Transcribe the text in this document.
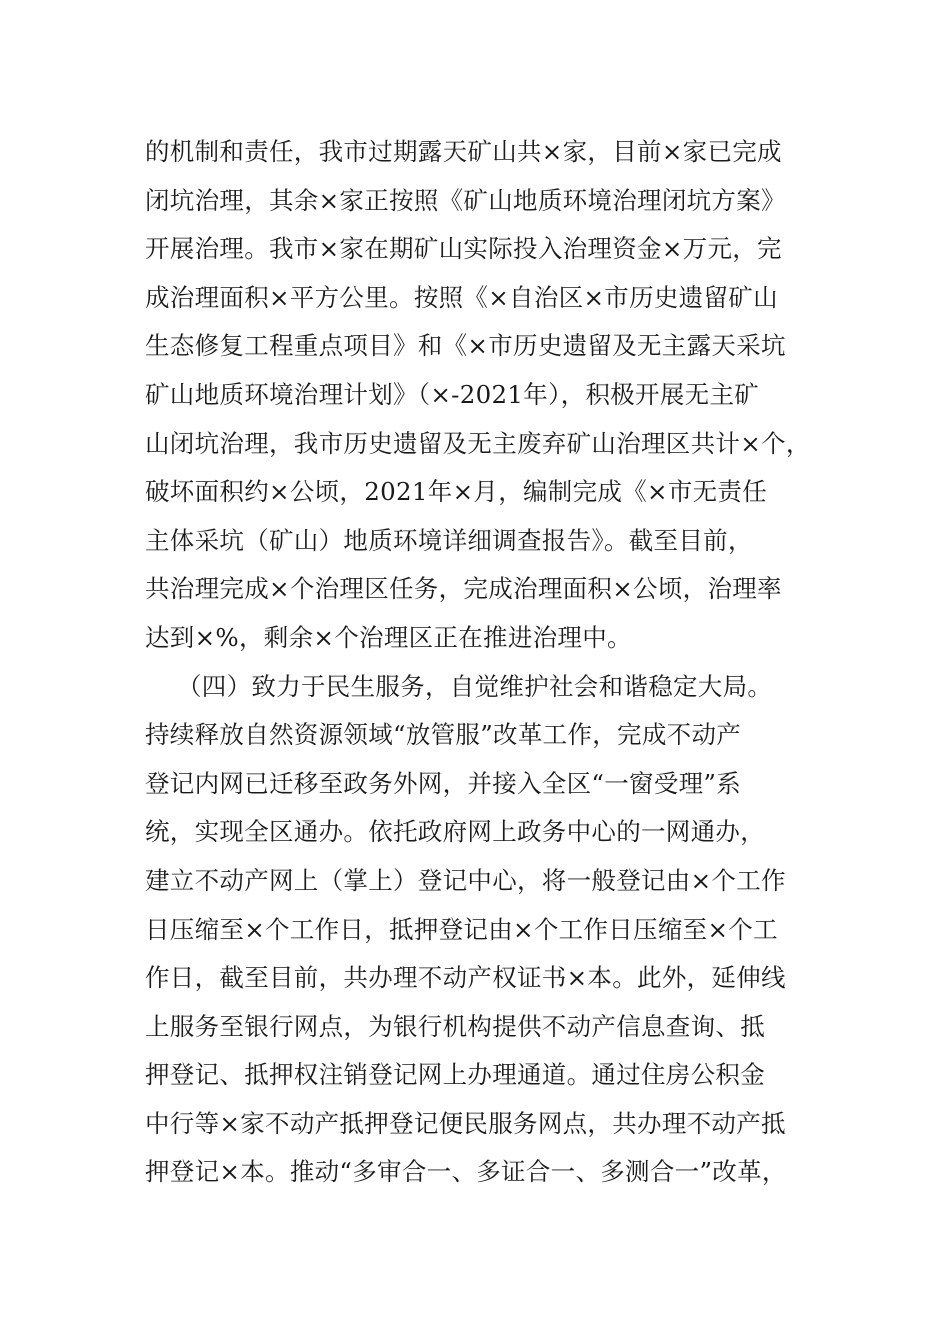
的机制和责任，我市过期露天矿山共×家，目前×家已完成
闭坑治理，其余×家正按照《矿山地质环境治理闭坑方案》
开展治理。我市×家在期矿山实际投入治理资金×万元，完
成治理面积×平方公里。按照《×自治区×市历史遗留矿山
生态修复工程重点项目》和《×市历史遗留及无主露天采坑
矿山地质环境治理计划》（×-2021年），积极开展无主矿
山闭坑治理，我市历史遗留及无主废弃矿山治理区共计×个，
破坏面积约×公顷，2021年×月，编制完成《×市无责任
主体采坑（矿山）地质环境详细调查报告》。截至目前，
共治理完成×个治理区任务，完成治理面积×公顷，治理率
达到×%，剩余×个治理区正在推进治理中。
（四）致力于民生服务，自觉维护社会和谐稳定大局。
持续释放自然资源领域“放管服”改革工作，完成不动产
登记内网已迁移至政务外网，并接入全区“一窗受理”系
统，实现全区通办。依托政府网上政务中心的一网通办，
建立不动产网上（掌上）登记中心，将一般登记由×个工作
日压缩至×个工作日，抵押登记由×个工作日压缩至×个工
作日，截至目前，共办理不动产权证书×本。此外，延伸线
上服务至银行网点，为银行机构提供不动产信息查询、抵
押登记、抵押权注销登记网上办理通道。通过住房公积金
中行等×家不动产抵押登记便民服务网点，共办理不动产抵
押登记×本。推动“多审合一、多证合一、多测合一”改革，
